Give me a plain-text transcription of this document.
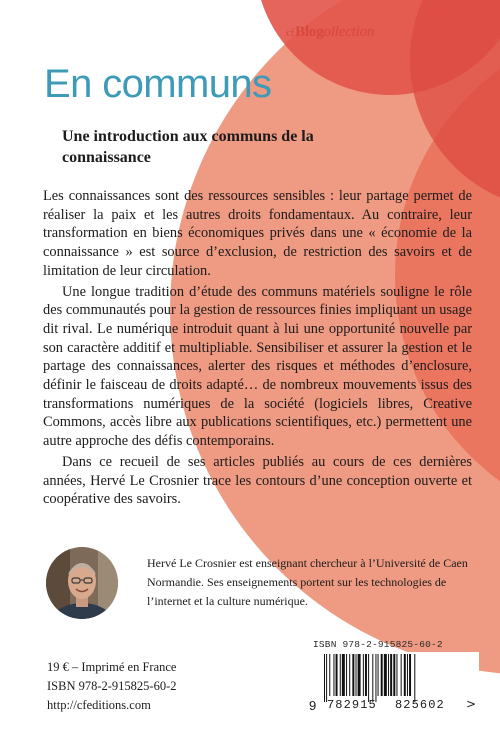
cfBlogollection
En communs
Une introduction aux communs de la connaissance

Les connaissances sont des ressources sensibles : leur partage permet de réaliser la paix et les autres droits fondamentaux. Au contraire, leur transformation en biens économiques privés dans une « économie de la connaissance » est source d’exclusion, de restriction des savoirs et de limitation de leur circulation.

Une longue tradition d’étude des communs matériels souligne le rôle des communautés pour la gestion de ressources finies impliquant un usage dit rival. Le numérique introduit quant à lui une opportunité nouvelle par son caractère additif et multipliable. Sensibiliser et assurer la gestion et le partage des connaissances, alerter des risques et méthodes d’enclosure, définir le faisceau de droits adapté… de nombreux mouvements issus des transformations numériques de la société (logiciels libres, Creative Commons, accès libre aux publications scientifiques, etc.) permettent une autre approche des défis contemporains.

Dans ce recueil de ses articles publiés au cours de ces dernières années, Hervé Le Crosnier trace les contours d’une conception ouverte et coopérative des savoirs.

Hervé Le Crosnier est enseignant chercheur à l’Université de Caen Normandie. Ses enseignements portent sur les technologies de l’internet et la culture numérique.
19 € – Imprimé en France
ISBN 978-2-915825-60-2
http://cfeditions.com
ISBN 978-2-915825-60-2
9 782915 825602 >
